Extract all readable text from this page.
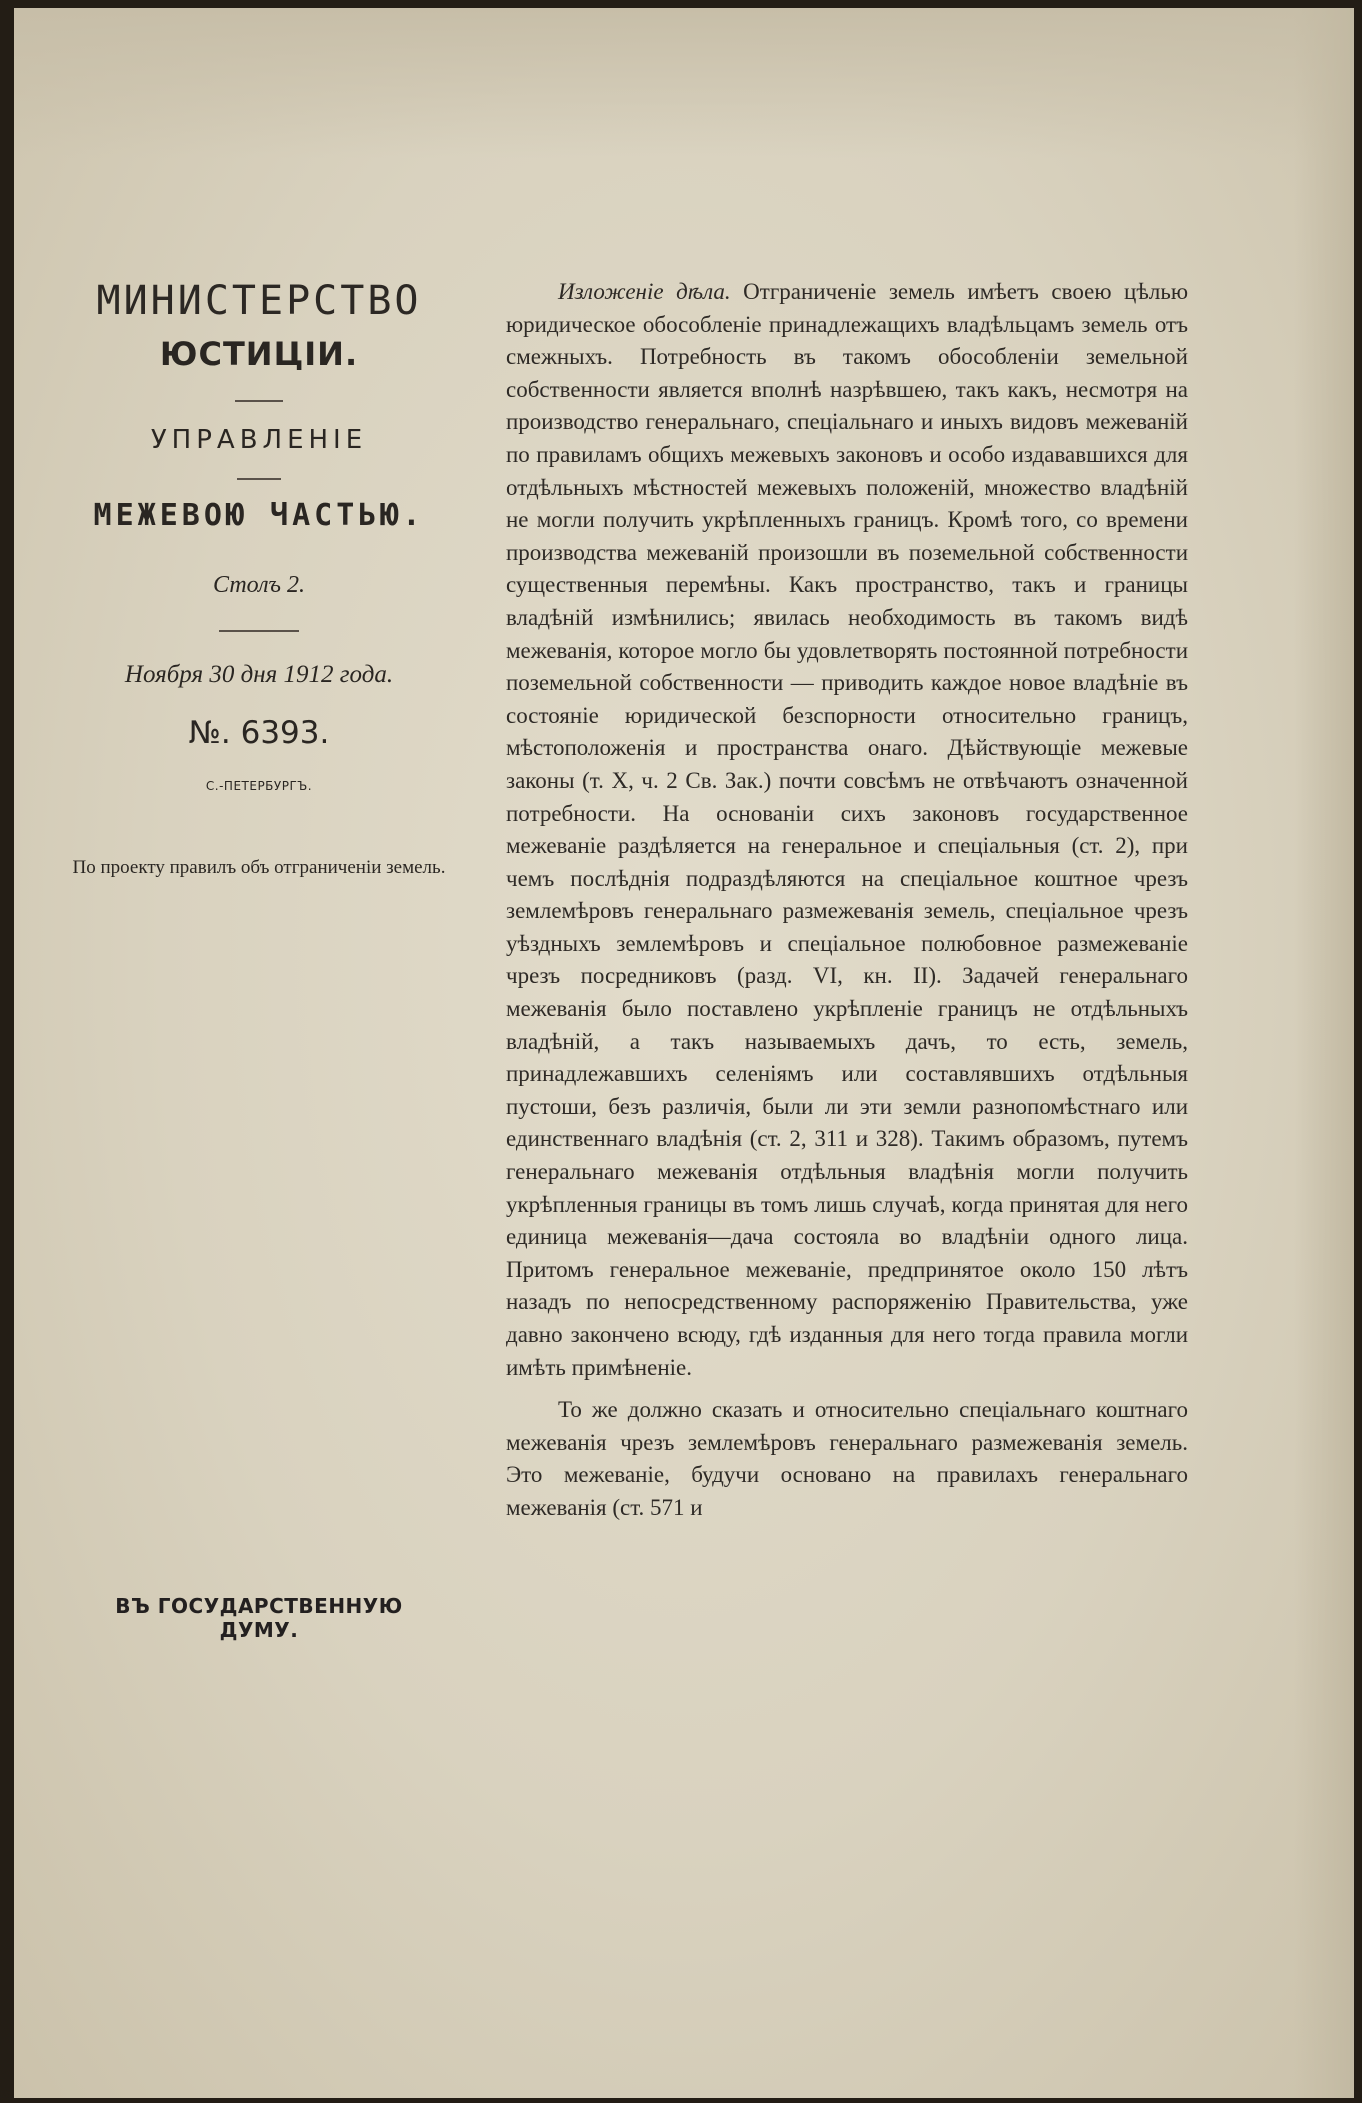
МИНИСТЕРСТВО
ЮСТИЦІИ.
УПРАВЛЕНІЕ
МЕЖЕВОЮ ЧАСТЬЮ.
Столъ 2.
Ноября 30 дня 1912 года.
№. 6393.
С.-ПЕТЕРБУРГЪ.
По проекту правилъ объ отграниченіи земель.
ВЪ ГОСУДАРСТВЕННУЮ ДУМУ.

Изложеніе дѣла. Отграниченіе земель имѣетъ своею цѣлью юридическое обособленіе принадлежащихъ владѣльцамъ земель отъ смежныхъ. Потребность въ такомъ обособленіи земельной собственности является вполнѣ назрѣвшею, такъ какъ, несмотря на производство генеральнаго, спеціальнаго и иныхъ видовъ межеваній по правиламъ общихъ межевыхъ законовъ и особо издававшихся для отдѣльныхъ мѣстностей межевыхъ положеній, множество владѣній не могли получить укрѣпленныхъ границъ. Кромѣ того, со времени производства межеваній произошли въ поземельной собственности существенныя перемѣны. Какъ пространство, такъ и границы владѣній измѣнились; явилась необходимость въ такомъ видѣ межеванія, которое могло бы удовлетворять постоянной потребности поземельной собственности — приводить каждое новое владѣніе въ состояніе юридической безспорности относительно границъ, мѣстоположенія и пространства онаго. Дѣйствующіе межевые законы (т. X, ч. 2 Св. Зак.) почти совсѣмъ не отвѣчаютъ означенной потребности. На основаніи сихъ законовъ государственное межеваніе раздѣляется на генеральное и спеціальныя (ст. 2), при чемъ послѣднія подраздѣляются на спеціальное коштное чрезъ землемѣровъ генеральнаго размежеванія земель, спеціальное чрезъ уѣздныхъ землемѣровъ и спеціальное полюбовное размежеваніе чрезъ посредниковъ (разд. VI, кн. II). Задачей генеральнаго межеванія было поставлено укрѣпленіе границъ не отдѣльныхъ владѣній, а такъ называемыхъ дачъ, то есть, земель, принадлежавшихъ селеніямъ или составлявшихъ отдѣльныя пустоши, безъ различія, были ли эти земли разнопомѣстнаго или единственнаго владѣнія (ст. 2, 311 и 328). Такимъ образомъ, путемъ генеральнаго межеванія отдѣльныя владѣнія могли получить укрѣпленныя границы въ томъ лишь случаѣ, когда принятая для него единица межеванія—дача состояла во владѣніи одного лица. Притомъ генеральное межеваніе, предпринятое около 150 лѣтъ назадъ по непосредственному распоряженію Правительства, уже давно закончено всюду, гдѣ изданныя для него тогда правила могли имѣть примѣненіе.

То же должно сказать и относительно спеціальнаго коштнаго межеванія чрезъ землемѣровъ генеральнаго размежеванія земель. Это межеваніе, будучи основано на правилахъ генеральнаго межеванія (ст. 571 и
